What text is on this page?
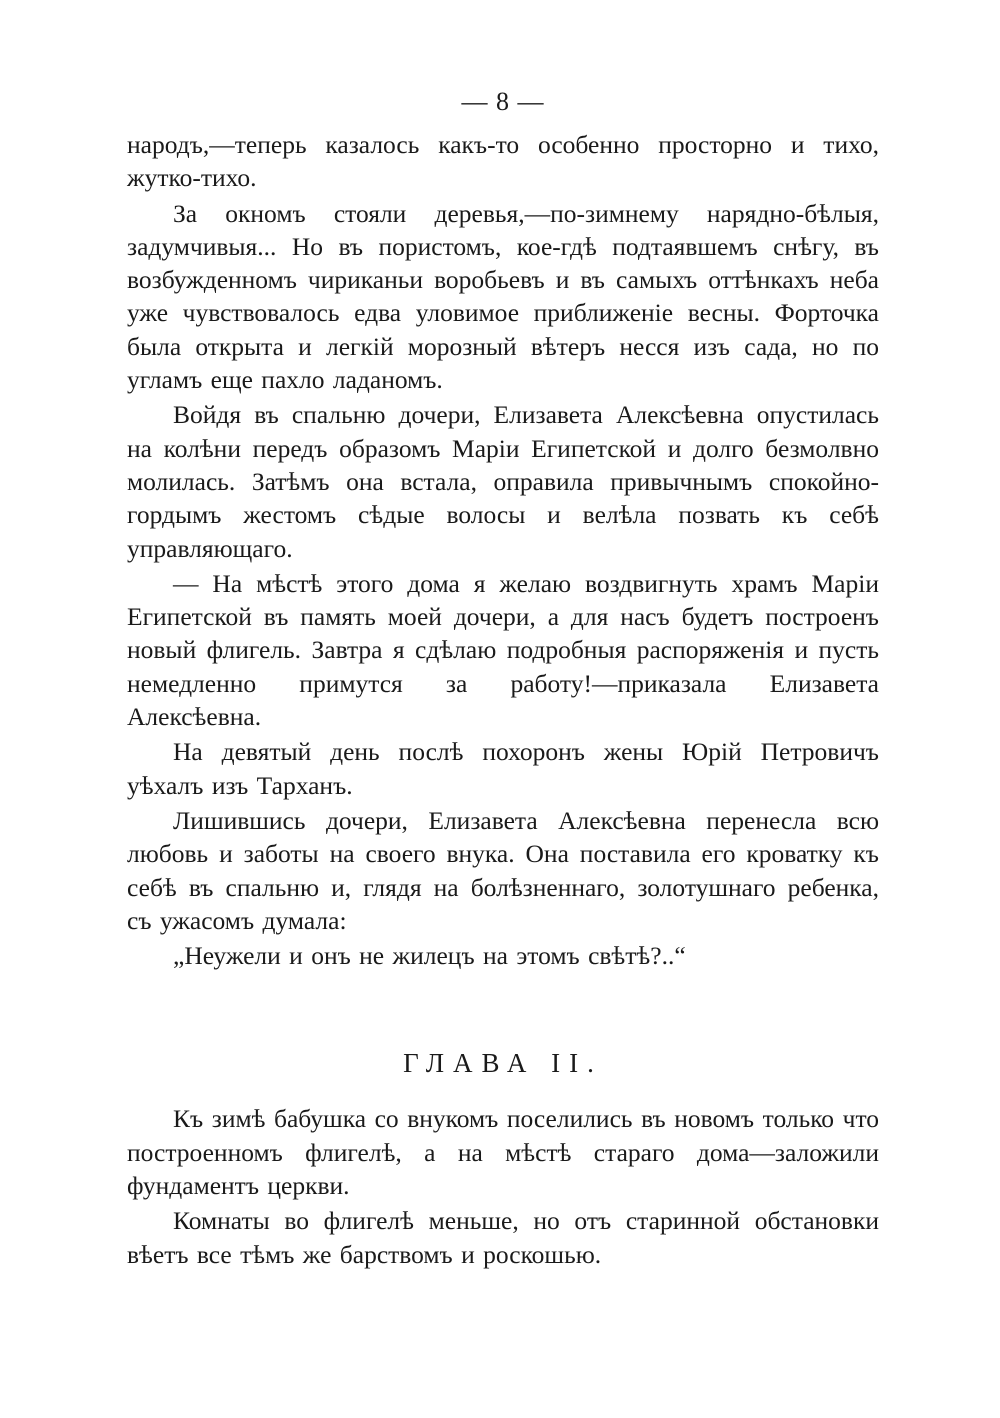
— 8 —

народъ,—теперь казалось какъ-то особенно просторно и тихо, жутко-тихо.

За окномъ стояли деревья,—по-зимнему нарядно-бѣлыя, задумчивыя... Но въ пористомъ, кое-гдѣ подтаявшемъ снѣгу, въ возбужденномъ чириканьи воробьевъ и въ самыхъ оттѣнкахъ неба уже чувствовалось едва уловимое приближенiе весны. Форточка была открыта и легкiй морозный вѣтеръ несся изъ сада, но по угламъ еще пахло ладаномъ.

Войдя въ спальню дочери, Елизавета Алексѣевна опустилась на колѣни передъ образомъ Марiи Египетской и долго безмолвно молилась. Затѣмъ она встала, оправила привычнымъ спокойно-гордымъ жестомъ сѣдые волосы и велѣла позвать къ себѣ управляющаго.

— На мѣстѣ этого дома я желаю воздвигнуть храмъ Марiи Египетской въ память моей дочери, а для насъ будетъ построенъ новый флигель. Завтра я сдѣлаю подробныя распоряженiя и пусть немедленно примутся за работу!—приказала Елизавета Алексѣевна.

На девятый день послѣ похоронъ жены Юрiй Петровичъ уѣхалъ изъ Тарханъ.

Лишившись дочери, Елизавета Алексѣевна перенесла всю любовь и заботы на своего внука. Она поставила его кроватку къ себѣ въ спальню и, глядя на болѣзненнаго, золотушнаго ребенка, съ ужасомъ думала:

„Неужели и онъ не жилецъ на этомъ свѣтѣ?..“

ГЛАВА II.

Къ зимѣ бабушка со внукомъ поселились въ новомъ только что построенномъ флигелѣ, а на мѣстѣ стараго дома—заложили фундаментъ церкви.

Комнаты во флигелѣ меньше, но отъ старинной обстановки вѣетъ все тѣмъ же барствомъ и роскошью.
